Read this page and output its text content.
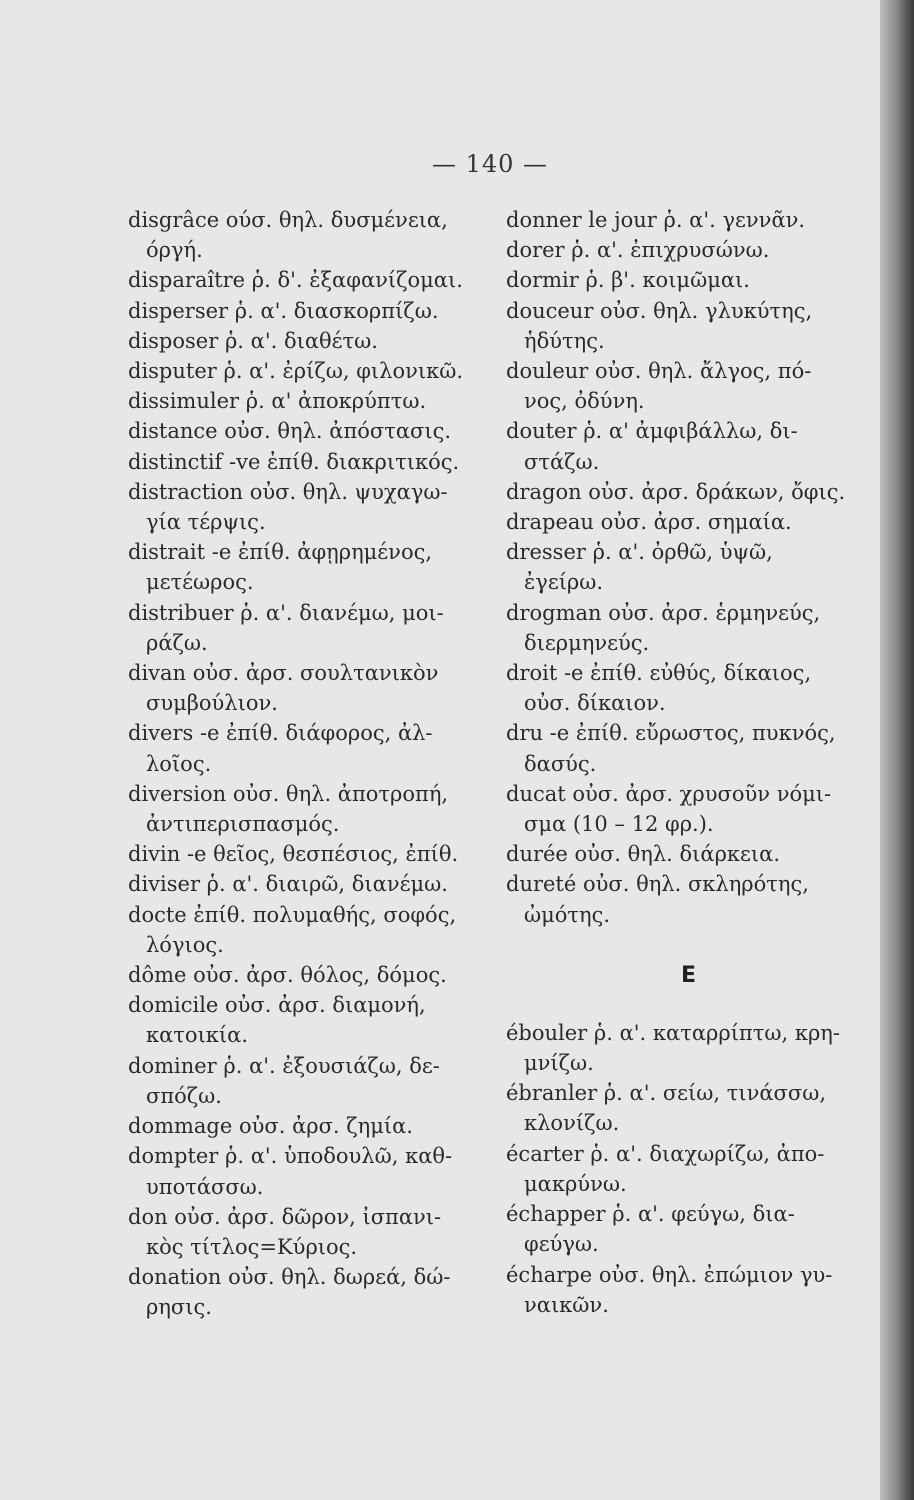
— 140 —
disgrâce ούσ. θηλ. δυσμένεια,
όργή.
disparaître ῥ. δ'. ἐξαφανίζομαι.
disperser ῥ. α'. διασκορπίζω.
disposer ῥ. α'. διαθέτω.
disputer ῥ. α'. ἐρίζω, φιλονικῶ.
dissimuler ῥ. α' ἀποκρύπτω.
distance οὐσ. θηλ. ἀπόστασις.
distinctif -ve ἐπίθ. διακριτικός.
distraction οὐσ. θηλ. ψυχαγω-
γία τέρψις.
distrait -e ἐπίθ. ἀφῃρημένος,
μετέωρος.
distribuer ῥ. α'. διανέμω, μοι-
ράζω.
divan οὐσ. ἀρσ. σουλτανικὸν
συμβούλιον.
divers -e ἐπίθ. διάφορος, ἀλ-
λοῖος.
diversion οὐσ. θηλ. ἀποτροπή,
ἀντιπερισπασμός.
divin -e θεῖος, θεσπέσιος, ἐπίθ.
diviser ῥ. α'. διαιρῶ, διανέμω.
docte ἐπίθ. πολυμαθής, σοφός,
λόγιος.
dôme οὐσ. ἀρσ. θόλος, δόμος.
domicile οὐσ. ἀρσ. διαμονή,
κατοικία.
dominer ῥ. α'. ἐξουσιάζω, δε-
σπόζω.
dommage οὐσ. ἀρσ. ζημία.
dompter ῥ. α'. ὑποδουλῶ, καθ-
υποτάσσω.
don οὐσ. ἀρσ. δῶρον, ἰσπανι-
κὸς τίτλος=Κύριος.
donation οὐσ. θηλ. δωρεά, δώ-
ρησις.
donner le jour ῥ. α'. γεννᾶν.
dorer ῥ. α'. ἐπιχρυσώνω.
dormir ῥ. β'. κοιμῶμαι.
douceur οὐσ. θηλ. γλυκύτης,
ἡδύτης.
douleur οὐσ. θηλ. ἄλγος, πό-
νος, ὀδύνη.
douter ῥ. α' ἀμφιβάλλω, δι-
στάζω.
dragon οὐσ. ἀρσ. δράκων, ὄφις.
drapeau οὐσ. ἀρσ. σημαία.
dresser ῥ. α'. ὀρθῶ, ὑψῶ,
ἐγείρω.
drogman οὐσ. ἀρσ. ἑρμηνεύς,
διερμηνεύς.
droit -e ἐπίθ. εὐθύς, δίκαιος,
οὐσ. δίκαιον.
dru -e ἐπίθ. εὔρωστος, πυκνός,
δασύς.
ducat οὐσ. ἀρσ. χρυσοῦν νόμι-
σμα (10 – 12 φρ.).
durée οὐσ. θηλ. διάρκεια.
dureté οὐσ. θηλ. σκληρότης,
ὠμότης.
E
ébouler ῥ. α'. καταρρίπτω, κρη-
μνίζω.
ébranler ῥ. α'. σείω, τινάσσω,
κλονίζω.
écarter ῥ. α'. διαχωρίζω, ἀπο-
μακρύνω.
échapper ῥ. α'. φεύγω, δια-
φεύγω.
écharpe οὐσ. θηλ. ἐπώμιον γυ-
ναικῶν.
